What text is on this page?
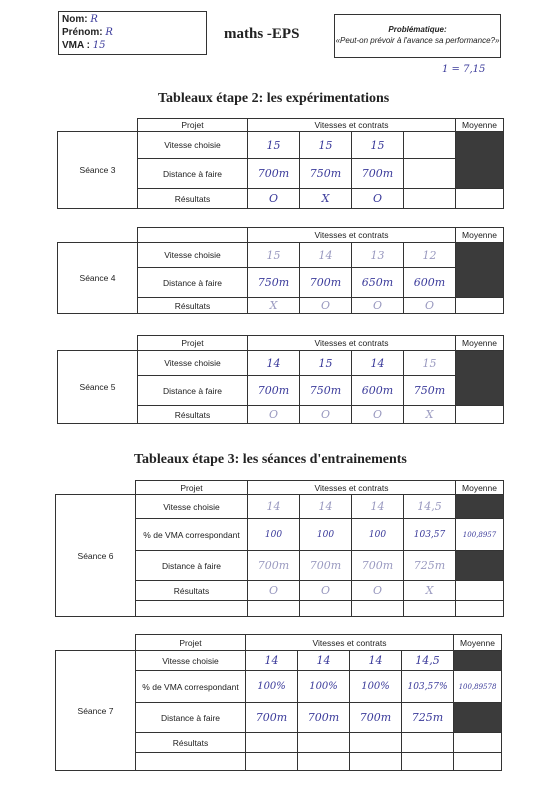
Nom: R
Prénom: R
VMA : 15
maths -EPS	Problématique:
«Peut-on prévoir à l'avance sa performance?»
1 = 7,15
Tableaux étape 2: les expérimentations
	Projet	Vitesses et contrats				Moyenne
Séance 3	Vitesse choisie	15	15	15		
	Distance à faire	700m	750m	700m		
	Résultats	O	X	O		
		Vitesses et contrats				Moyenne
Séance 4	Vitesse choisie	15	14	13	12	
	Distance à faire	750m	700m	650m	600m	
	Résultats	X	O	O	O	
	Projet	Vitesses et contrats				Moyenne
Séance 5	Vitesse choisie	14	15	14	15	
	Distance à faire	700m	750m	600m	750m	
	Résultats	O	O	O	X	
Tableaux étape 3: les séances d'entrainements
	Projet	Vitesses et contrats				Moyenne
Séance 6	Vitesse choisie	14	14	14	14,5	
	% de VMA correspondant	100	100	100	103,57	100,8957
	Distance à faire	700m	700m	700m	725m	
	Résultats	O	O	O	X	

	Projet	Vitesses et contrats				Moyenne
Séance 7	Vitesse choisie	14	14	14	14,5	
	% de VMA correspondant	100%	100%	100%	103,57%	100,89578
	Distance à faire	700m	700m	700m	725m	
	Résultats					
